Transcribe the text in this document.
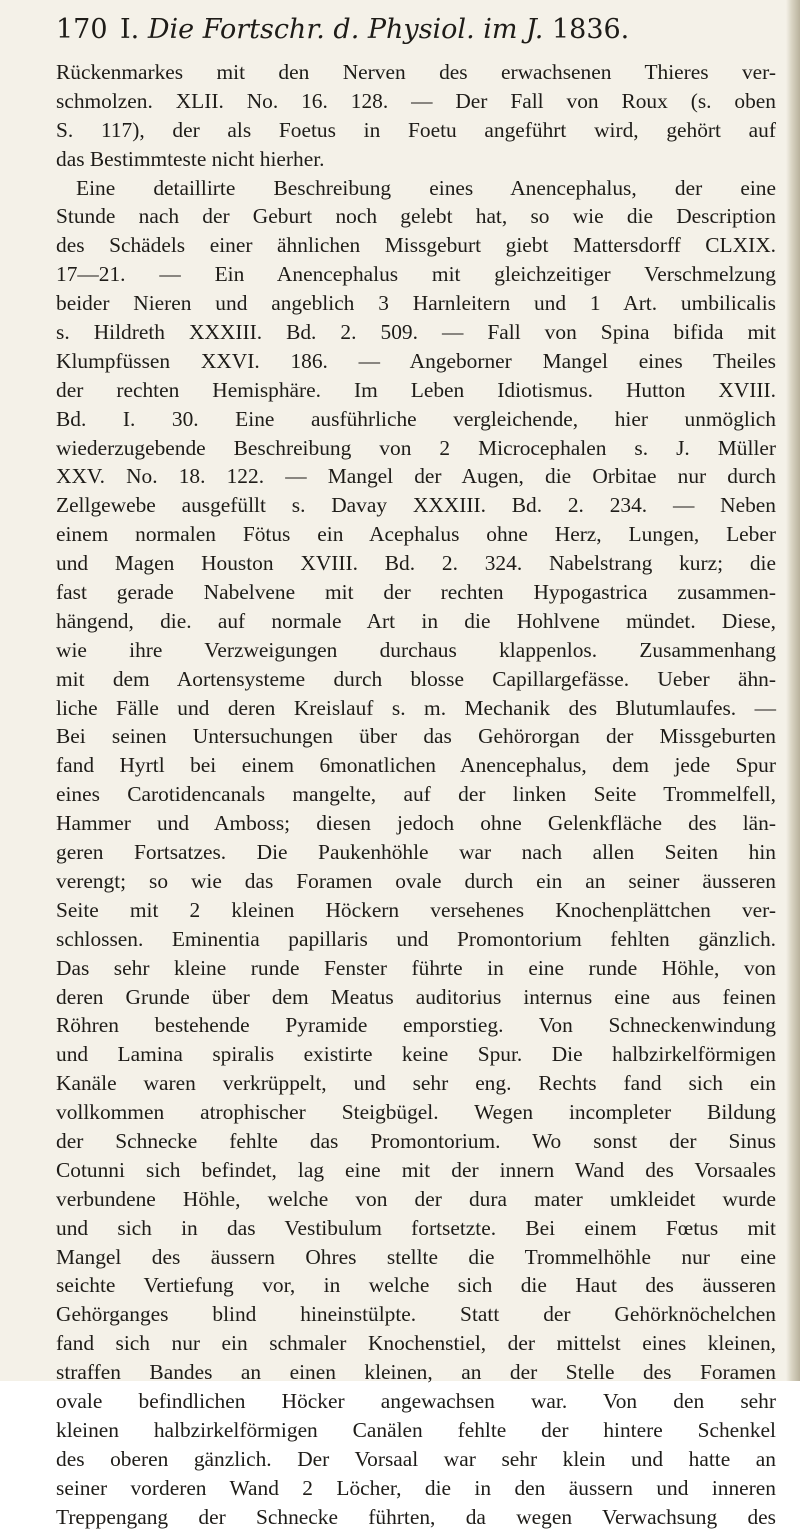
170 I. Die Fortschr. d. Physiol. im J. 1836.
Rückenmarkes mit den Nerven des erwachsenen Thieres ver-
schmolzen. XLII. No. 16. 128. — Der Fall von Roux (s. oben
S. 117), der als Foetus in Foetu angeführt wird, gehört auf
das Bestimmteste nicht hierher.
Eine detaillirte Beschreibung eines Anencephalus, der eine
Stunde nach der Geburt noch gelebt hat, so wie die Description
des Schädels einer ähnlichen Missgeburt giebt Mattersdorff CLXIX.
17—21. — Ein Anencephalus mit gleichzeitiger Verschmelzung
beider Nieren und angeblich 3 Harnleitern und 1 Art. umbilicalis
s. Hildreth XXXIII. Bd. 2. 509. — Fall von Spina bifida mit
Klumpfüssen XXVI. 186. — Angeborner Mangel eines Theiles
der rechten Hemisphäre. Im Leben Idiotismus. Hutton XVIII.
Bd. I. 30. Eine ausführliche vergleichende, hier unmöglich
wiederzugebende Beschreibung von 2 Microcephalen s. J. Müller
XXV. No. 18. 122. — Mangel der Augen, die Orbitae nur durch
Zellgewebe ausgefüllt s. Davay XXXIII. Bd. 2. 234. — Neben
einem normalen Fötus ein Acephalus ohne Herz, Lungen, Leber
und Magen Houston XVIII. Bd. 2. 324. Nabelstrang kurz; die
fast gerade Nabelvene mit der rechten Hypogastrica zusammen-
hängend, die. auf normale Art in die Hohlvene mündet. Diese,
wie ihre Verzweigungen durchaus klappenlos. Zusammenhang
mit dem Aortensysteme durch blosse Capillargefässe. Ueber ähn-
liche Fälle und deren Kreislauf s. m. Mechanik des Blutumlaufes. —
Bei seinen Untersuchungen über das Gehörorgan der Missgeburten
fand Hyrtl bei einem 6monatlichen Anencephalus, dem jede Spur
eines Carotidencanals mangelte, auf der linken Seite Trommelfell,
Hammer und Amboss; diesen jedoch ohne Gelenkfläche des län-
geren Fortsatzes. Die Paukenhöhle war nach allen Seiten hin
verengt; so wie das Foramen ovale durch ein an seiner äusseren
Seite mit 2 kleinen Höckern versehenes Knochenplättchen ver-
schlossen. Eminentia papillaris und Promontorium fehlten gänzlich.
Das sehr kleine runde Fenster führte in eine runde Höhle, von
deren Grunde über dem Meatus auditorius internus eine aus feinen
Röhren bestehende Pyramide emporstieg. Von Schneckenwindung
und Lamina spiralis existirte keine Spur. Die halbzirkelförmigen
Kanäle waren verkrüppelt, und sehr eng. Rechts fand sich ein
vollkommen atrophischer Steigbügel. Wegen incompleter Bildung
der Schnecke fehlte das Promontorium. Wo sonst der Sinus
Cotunni sich befindet, lag eine mit der innern Wand des Vorsaales
verbundene Höhle, welche von der dura mater umkleidet wurde
und sich in das Vestibulum fortsetzte. Bei einem Fœtus mit
Mangel des äussern Ohres stellte die Trommelhöhle nur eine
seichte Vertiefung vor, in welche sich die Haut des äusseren
Gehörganges blind hineinstülpte. Statt der Gehörknöchelchen
fand sich nur ein schmaler Knochenstiel, der mittelst eines kleinen,
straffen Bandes an einen kleinen, an der Stelle des Foramen
ovale befindlichen Höcker angewachsen war. Von den sehr
kleinen halbzirkelförmigen Canälen fehlte der hintere Schenkel
des oberen gänzlich. Der Vorsaal war sehr klein und hatte an
seiner vorderen Wand 2 Löcher, die in den äussern und inneren
Treppengang der Schnecke führten, da wegen Verwachsung des
